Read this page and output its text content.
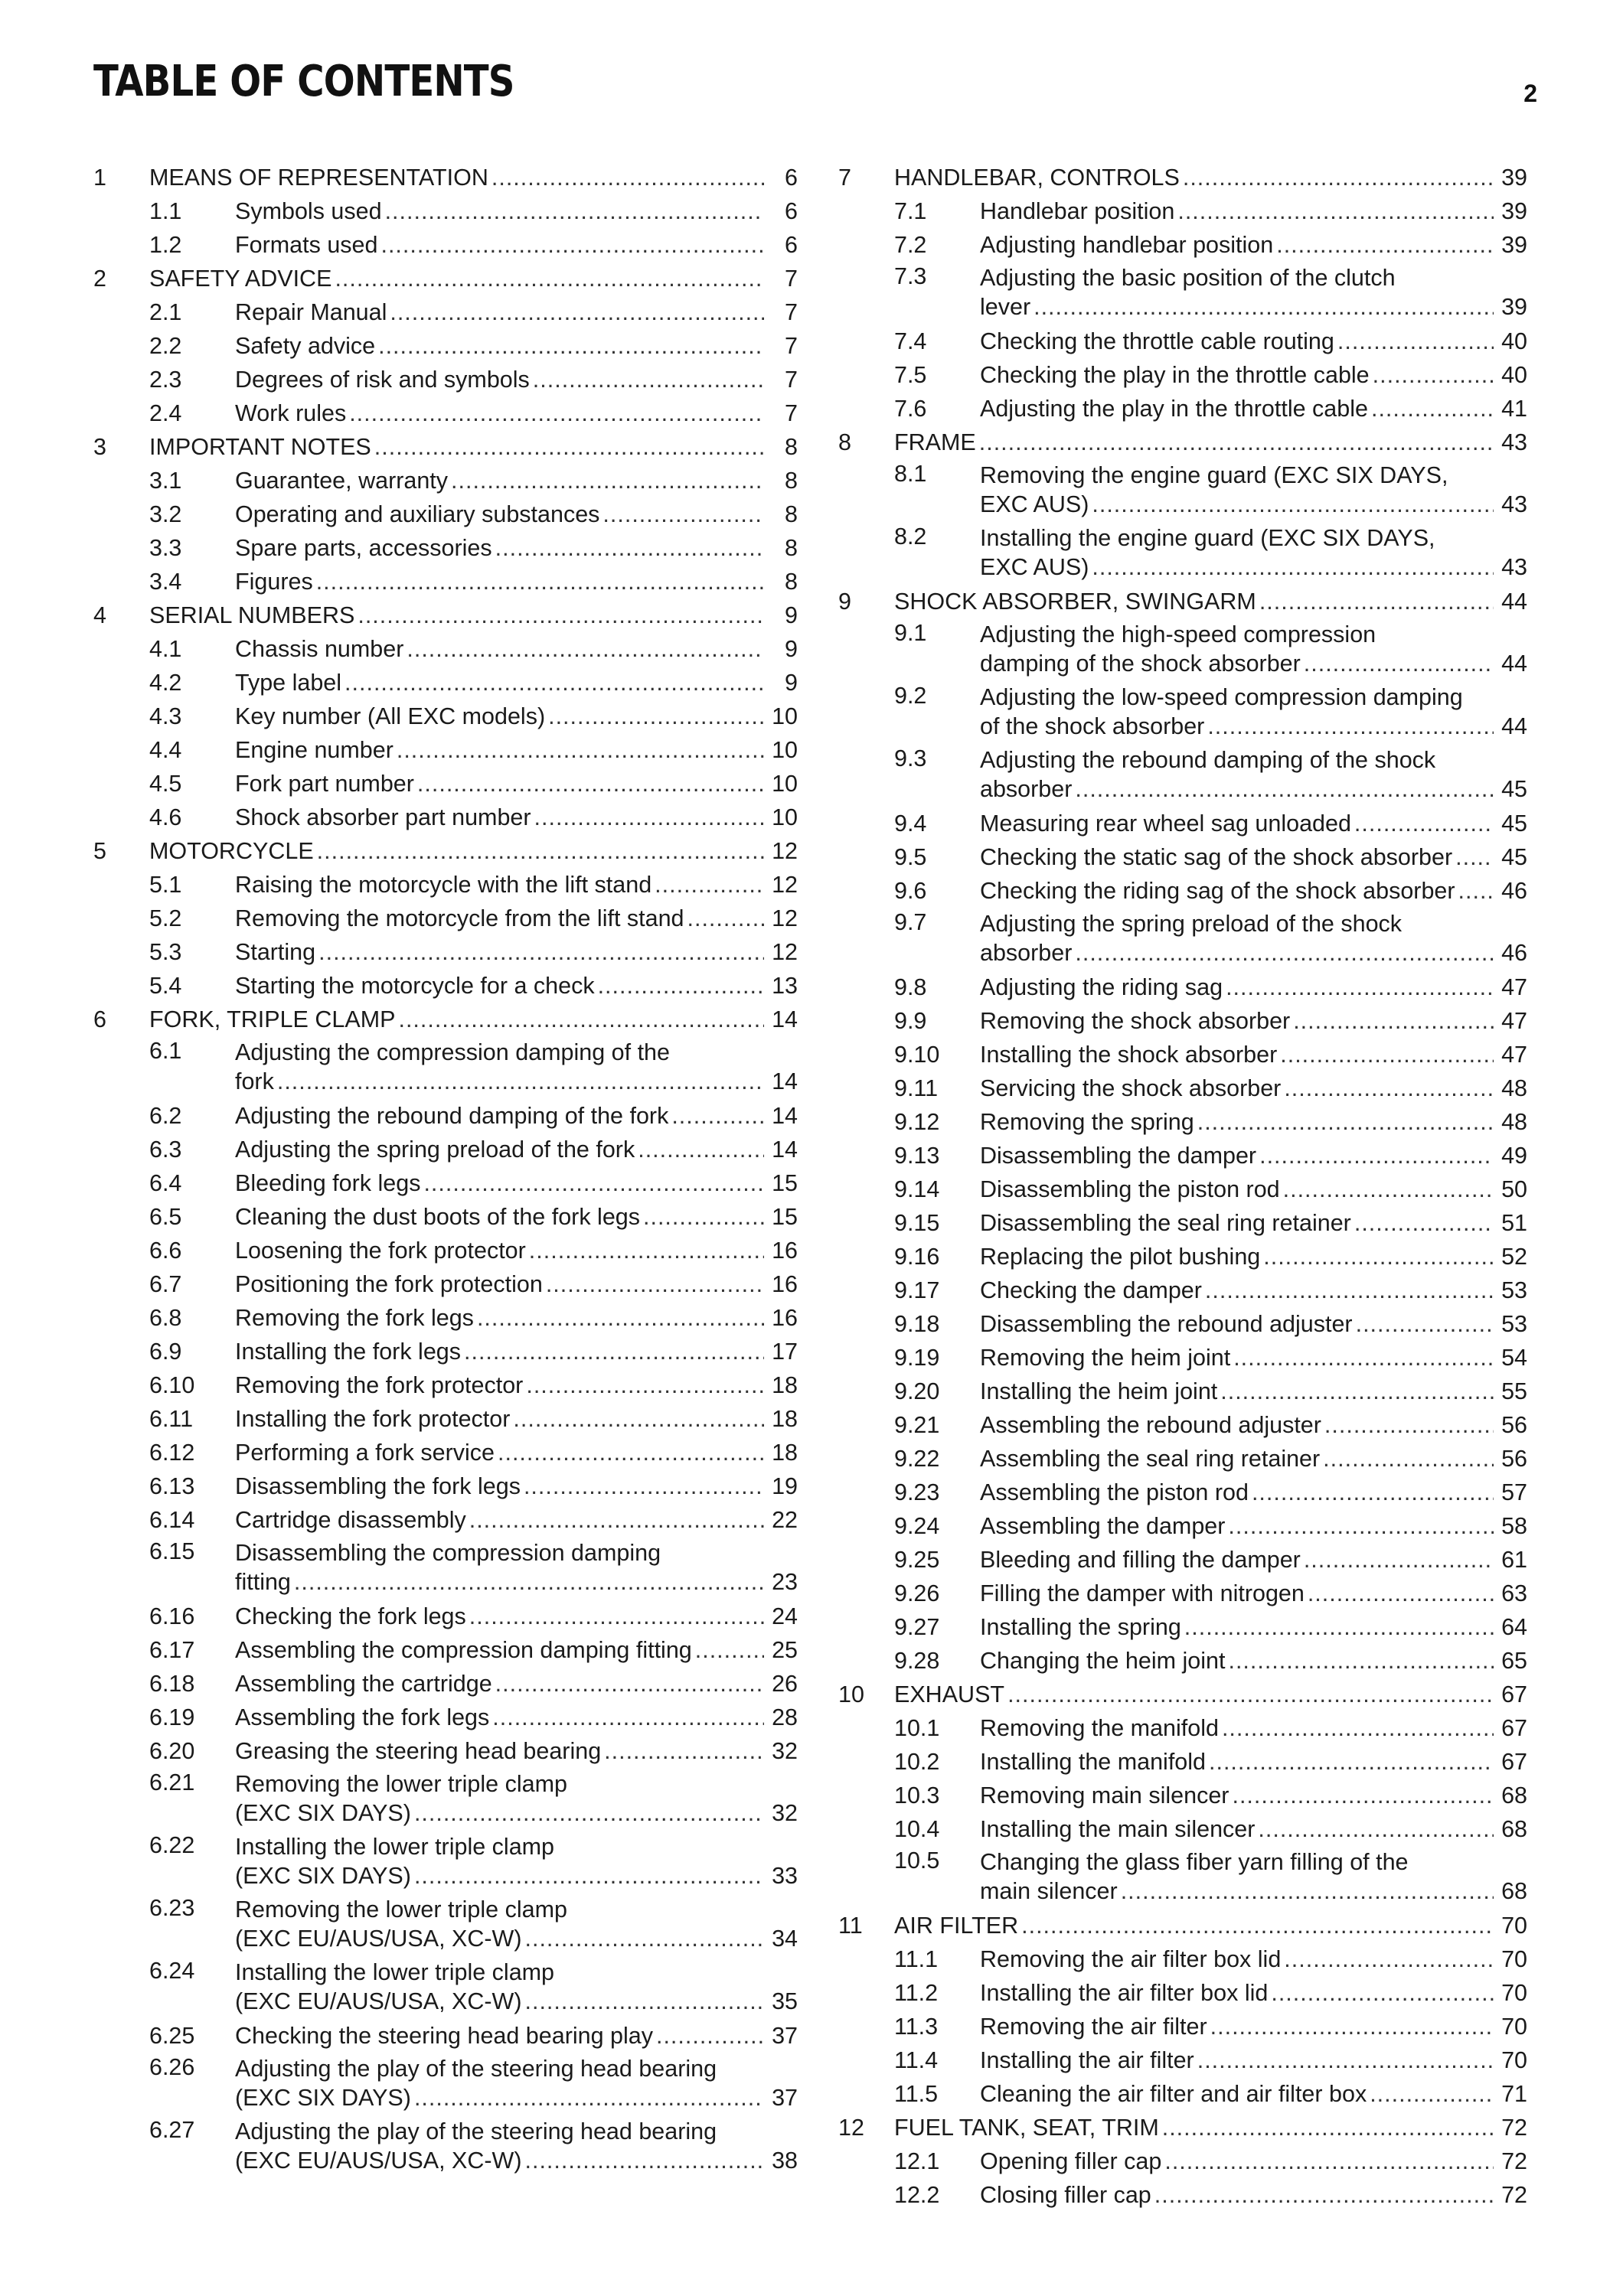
TABLE OF CONTENTS	2
1 MEANS OF REPRESENTATION .....	6
1.1 Symbols used .....	6
1.2 Formats used .....	6
2 SAFETY ADVICE .....	7
2.1 Repair Manual .....	7
2.2 Safety advice .....	7
2.3 Degrees of risk and symbols .....	7
2.4 Work rules .....	7
3 IMPORTANT NOTES .....	8
3.1 Guarantee, warranty .....	8
3.2 Operating and auxiliary substances .....	8
3.3 Spare parts, accessories .....	8
3.4 Figures .....	8
4 SERIAL NUMBERS .....	9
4.1 Chassis number .....	9
4.2 Type label .....	9
4.3 Key number (All EXC models) .....	10
4.4 Engine number .....	10
4.5 Fork part number .....	10
4.6 Shock absorber part number .....	10
5 MOTORCYCLE .....	12
5.1 Raising the motorcycle with the lift stand .....	12
5.2 Removing the motorcycle from the lift stand .....	12
5.3 Starting .....	12
5.4 Starting the motorcycle for a check .....	13
6 FORK, TRIPLE CLAMP .....	14
6.1 Adjusting the compression damping of the
fork .....	14
6.2 Adjusting the rebound damping of the fork .....	14
6.3 Adjusting the spring preload of the fork .....	14
6.4 Bleeding fork legs .....	15
6.5 Cleaning the dust boots of the fork legs .....	15
6.6 Loosening the fork protector .....	16
6.7 Positioning the fork protection .....	16
6.8 Removing the fork legs .....	16
6.9 Installing the fork legs .....	17
6.10 Removing the fork protector .....	18
6.11 Installing the fork protector .....	18
6.12 Performing a fork service .....	18
6.13 Disassembling the fork legs .....	19
6.14 Cartridge disassembly .....	22
6.15 Disassembling the compression damping
fitting .....	23
6.16 Checking the fork legs .....	24
6.17 Assembling the compression damping fitting .....	25
6.18 Assembling the cartridge .....	26
6.19 Assembling the fork legs .....	28
6.20 Greasing the steering head bearing .....	32
6.21 Removing the lower triple clamp
(EXC SIX DAYS) .....	32
6.22 Installing the lower triple clamp
(EXC SIX DAYS) .....	33
6.23 Removing the lower triple clamp
(EXC EU/AUS/USA, XC-W) .....	34
6.24 Installing the lower triple clamp
(EXC EU/AUS/USA, XC-W) .....	35
6.25 Checking the steering head bearing play .....	37
6.26 Adjusting the play of the steering head bearing
(EXC SIX DAYS) .....	37
6.27 Adjusting the play of the steering head bearing
(EXC EU/AUS/USA, XC-W) .....	38
7 HANDLEBAR, CONTROLS .....	39
7.1 Handlebar position .....	39
7.2 Adjusting handlebar position .....	39
7.3 Adjusting the basic position of the clutch
lever .....	39
7.4 Checking the throttle cable routing .....	40
7.5 Checking the play in the throttle cable .....	40
7.6 Adjusting the play in the throttle cable .....	41
8 FRAME .....	43
8.1 Removing the engine guard (EXC SIX DAYS,
EXC AUS) .....	43
8.2 Installing the engine guard (EXC SIX DAYS,
EXC AUS) .....	43
9 SHOCK ABSORBER, SWINGARM .....	44
9.1 Adjusting the high-speed compression
damping of the shock absorber .....	44
9.2 Adjusting the low-speed compression damping
of the shock absorber .....	44
9.3 Adjusting the rebound damping of the shock
absorber .....	45
9.4 Measuring rear wheel sag unloaded .....	45
9.5 Checking the static sag of the shock absorber ..... 45
9.6 Checking the riding sag of the shock absorber ..... 46
9.7 Adjusting the spring preload of the shock
absorber .....	46
9.8 Adjusting the riding sag .....	47
9.9 Removing the shock absorber .....	47
9.10 Installing the shock absorber .....	47
9.11 Servicing the shock absorber .....	48
9.12 Removing the spring .....	48
9.13 Disassembling the damper .....	49
9.14 Disassembling the piston rod .....	50
9.15 Disassembling the seal ring retainer .....	51
9.16 Replacing the pilot bushing .....	52
9.17 Checking the damper .....	53
9.18 Disassembling the rebound adjuster .....	53
9.19 Removing the heim joint .....	54
9.20 Installing the heim joint .....	55
9.21 Assembling the rebound adjuster .....	56
9.22 Assembling the seal ring retainer .....	56
9.23 Assembling the piston rod .....	57
9.24 Assembling the damper .....	58
9.25 Bleeding and filling the damper .....	61
9.26 Filling the damper with nitrogen .....	63
9.27 Installing the spring .....	64
9.28 Changing the heim joint .....	65
10 EXHAUST .....	67
10.1 Removing the manifold .....	67
10.2 Installing the manifold .....	67
10.3 Removing main silencer .....	68
10.4 Installing the main silencer .....	68
10.5 Changing the glass fiber yarn filling of the
main silencer .....	68
11 AIR FILTER .....	70
11.1 Removing the air filter box lid .....	70
11.2 Installing the air filter box lid .....	70
11.3 Removing the air filter .....	70
11.4 Installing the air filter .....	70
11.5 Cleaning the air filter and air filter box .....	71
12 FUEL TANK, SEAT, TRIM .....	72
12.1 Opening filler cap .....	72
12.2 Closing filler cap .....	72
